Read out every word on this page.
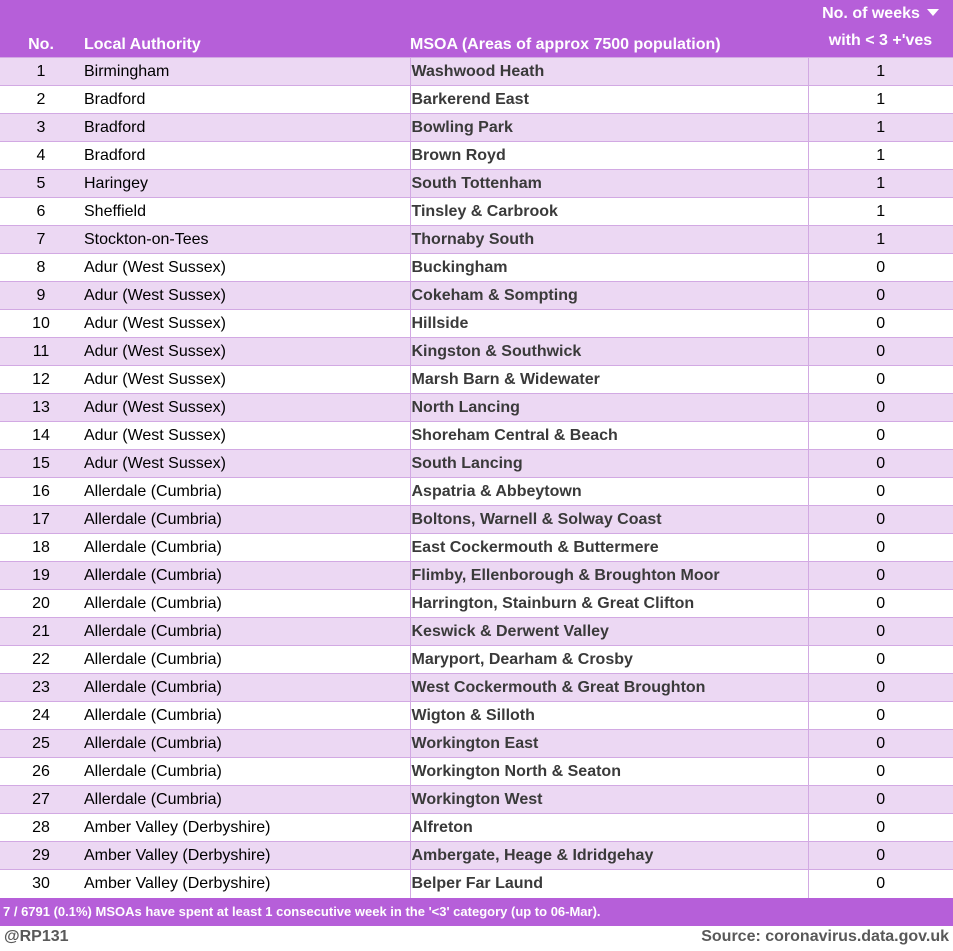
No.	Local Authority	MSOA (Areas of approx 7500 population)	No. of weeks
with < 3 +'ves

1	Birmingham	Washwood Heath	1
2	Bradford	Barkerend East	1
3	Bradford	Bowling Park	1
4	Bradford	Brown Royd	1
5	Haringey	South Tottenham	1
6	Sheffield	Tinsley & Carbrook	1
7	Stockton-on-Tees	Thornaby South	1
8	Adur (West Sussex)	Buckingham	0
9	Adur (West Sussex)	Cokeham & Sompting	0
10	Adur (West Sussex)	Hillside	0
11	Adur (West Sussex)	Kingston & Southwick	0
12	Adur (West Sussex)	Marsh Barn & Widewater	0
13	Adur (West Sussex)	North Lancing	0
14	Adur (West Sussex)	Shoreham Central & Beach	0
15	Adur (West Sussex)	South Lancing	0
16	Allerdale (Cumbria)	Aspatria & Abbeytown	0
17	Allerdale (Cumbria)	Boltons, Warnell & Solway Coast	0
18	Allerdale (Cumbria)	East Cockermouth & Buttermere	0
19	Allerdale (Cumbria)	Flimby, Ellenborough & Broughton Moor	0
20	Allerdale (Cumbria)	Harrington, Stainburn & Great Clifton	0
21	Allerdale (Cumbria)	Keswick & Derwent Valley	0
22	Allerdale (Cumbria)	Maryport, Dearham & Crosby	0
23	Allerdale (Cumbria)	West Cockermouth & Great Broughton	0
24	Allerdale (Cumbria)	Wigton & Silloth	0
25	Allerdale (Cumbria)	Workington East	0
26	Allerdale (Cumbria)	Workington North & Seaton	0
27	Allerdale (Cumbria)	Workington West	0
28	Amber Valley (Derbyshire)	Alfreton	0
29	Amber Valley (Derbyshire)	Ambergate, Heage & Idridgehay	0
30	Amber Valley (Derbyshire)	Belper Far Laund	0
7 / 6791 (0.1%) MSOAs have spent at least 1 consecutive week in the '<3' category (up to 06-Mar).			
@RP131	Source: coronavirus.data.gov.uk
